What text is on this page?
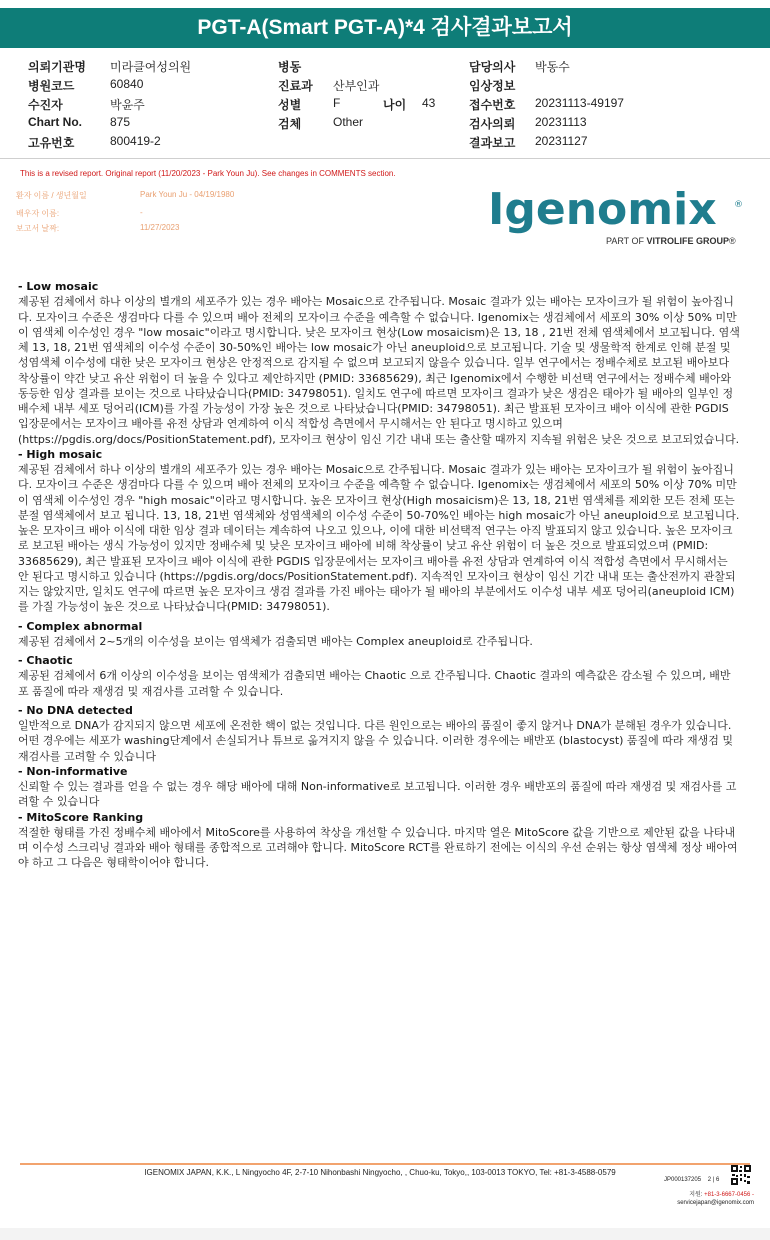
PGT-A(Smart PGT-A)*4 검사결과보고서
의뢰기관명 미라클여성의원
병원코드	60840
수진자	박윤주
Chart No. 875
고유번호	800419-2
병동
진료과 산부인과
성별	F	나이 43
검체	Other
담당의사 박동수
임상정보
접수번호 20231113-49197
검사의뢰 20231113
결과보고 20231127
This is a revised report. Original report (11/20/2023 - Park Youn Ju). See changes in COMMENTS section.
환자 이름 / 생년월일	Park Youn Ju - 04/19/1980
배우자 이름:	-
보고서 날짜:	11/27/2023	Igenomix ®
PART OF VITROLIFE GROUP®

- Low mosaic

제공된 검체에서 하나 이상의 별개의 세포주가 있는 경우 배아는 Mosaic으로 간주됩니다. Mosaic 결과가 있는 배아는 모자이크가 될 위험이 높아집니다. 모자이크 수준은 생검마다 다를 수 있으며 배아 전체의 모자이크 수준을 예측할 수 없습니다. Igenomix는 생검체에서 세포의 30% 이상 50% 미만이 염색체 이수성인 경우 "low mosaic"이라고 명시합니다. 낮은 모자이크 현상(Low mosaicism)은 13, 18 , 21번 전체 염색체에서 보고됩니다. 염색체 13, 18, 21번 염색체의 이수성 수준이 30-50%인 배아는 low mosaic가 아닌 aneuploid으로 보고됩니다. 기술 및 생물학적 한계로 인해 분절 및 성염색체 이수성에 대한 낮은 모자이크 현상은 안정적으로 감지될 수 없으며 보고되지 않을수 있습니다. 일부 연구에서는 정배수체로 보고된 배아보다 착상률이 약간 낮고 유산 위험이 더 높을 수 있다고 제안하지만 (PMID: 33685629), 최근 Igenomix에서 수행한 비선택 연구에서는 정배수체 배아와 동등한 임상 결과를 보이는 것으로 나타났습니다(PMID: 34798051). 일치도 연구에 따르면 모자이크 결과가 낮은 생검은 태아가 될 배아의 일부인 정배수체 내부 세포 덩어리(ICM)를 가질 가능성이 가장 높은 것으로 나타났습니다(PMID: 34798051). 최근 발표된 모자이크 배아 이식에 관한 PGDIS 입장문에서는 모자이크 배아를 유전 상담과 연계하여 이식 적합성 측면에서 무시해서는 안 된다고 명시하고 있으며 (https://pgdis.org/docs/PositionStatement.pdf), 모자이크 현상이 임신 기간 내내 또는 출산할 때까지 지속될 위험은 낮은 것으로 보고되었습니다.

- High mosaic

제공된 검체에서 하나 이상의 별개의 세포주가 있는 경우 배아는 Mosaic으로 간주됩니다. Mosaic 결과가 있는 배아는 모자이크가 될 위험이 높아집니다. 모자이크 수준은 생검마다 다를 수 있으며 배아 전체의 모자이크 수준을 예측할 수 없습니다. Igenomix는 생검체에서 세포의 50% 이상 70% 미만이 염색체 이수성인 경우 "high mosaic"이라고 명시합니다. 높은 모자이크 현상(High mosaicism)은 13, 18, 21번 염색체를 제외한 모든 전체 또는 분절 염색체에서 보고 됩니다. 13, 18, 21번 염색체와 성염색체의 이수성 수준이 50-70%인 배아는 high mosaic가 아닌 aneuploid으로 보고됩니다. 높은 모자이크 배아 이식에 대한 임상 결과 데이터는 계속하여 나오고 있으나, 이에 대한 비선택적 연구는 아직 발표되지 않고 있습니다. 높은 모자이크로 보고된 배아는 생식 가능성이 있지만 정배수체 및 낮은 모자이크 배아에 비해 착상률이 낮고 유산 위험이 더 높은 것으로 발표되었으며 (PMID: 33685629), 최근 발표된 모자이크 배아 이식에 관한 PGDIS 입장문에서는 모자이크 배아를 유전 상담과 연계하여 이식 적합성 측면에서 무시해서는 안 된다고 명시하고 있습니다 (https://pgdis.org/docs/PositionStatement.pdf). 지속적인 모자이크 현상이 임신 기간 내내 또는 출산전까지 관찰되지는 않았지만, 일치도 연구에 따르면 높은 모자이크 생검 결과를 가진 배아는 태아가 될 배아의 부분에서도 이수성 내부 세포 덩어리(aneuploid ICM)를 가질 가능성이 높은 것으로 나타났습니다(PMID: 34798051).

- Complex abnormal

제공된 검체에서 2~5개의 이수성을 보이는 염색체가 검출되면 배아는 Complex aneuploid로 간주됩니다.

- Chaotic

제공된 검체에서 6개 이상의 이수성을 보이는 염색체가 검출되면 배아는 Chaotic 으로 간주됩니다. Chaotic 결과의 예측값은 감소될 수 있으며, 배반포 품질에 따라 재생검 및 재검사를 고려할 수 있습니다.

- No DNA detected

일반적으로 DNA가 감지되지 않으면 세포에 온전한 핵이 없는 것입니다. 다른 원인으로는 배아의 품질이 좋지 않거나 DNA가 분해된 경우가 있습니다. 어떤 경우에는 세포가 washing단계에서 손실되거나 튜브로 옮겨지지 않을 수 있습니다. 이러한 경우에는 배반포 (blastocyst) 품질에 따라 재생검 및 재검사를 고려할 수 있습니다

- Non-informative

신뢰할 수 있는 결과를 얻을 수 없는 경우 해당 배아에 대해 Non-informative로 보고됩니다. 이러한 경우 배반포의 품질에 따라 재생검 및 재검사를 고려할 수 있습니다

- MitoScore Ranking

적절한 형태를 가진 정배수체 배아에서 MitoScore를 사용하여 착상을 개선할 수 있습니다. 마지막 열은 MitoScore 값을 기반으로 제안된 값을 나타내며 이수성 스크리닝 결과와 배아 형태를 종합적으로 고려해야 합니다. MitoScore RCT를 완료하기 전에는 이식의 우선 순위는 항상 염색체 정상 배아여야 하고 그 다음은 형태학이어야 합니다.

IGENOMIX JAPAN, K.K., L Ningyocho 4F, 2-7-10 Nihonbashi Ningyocho, , Chuo-ku, Tokyo,, 103-0013 TOKYO, Tel: +81-3-4588-0579
JP000137205 2 | 6
지원: +81-3-6667-0456 -
servicejapan@igenomix.com
